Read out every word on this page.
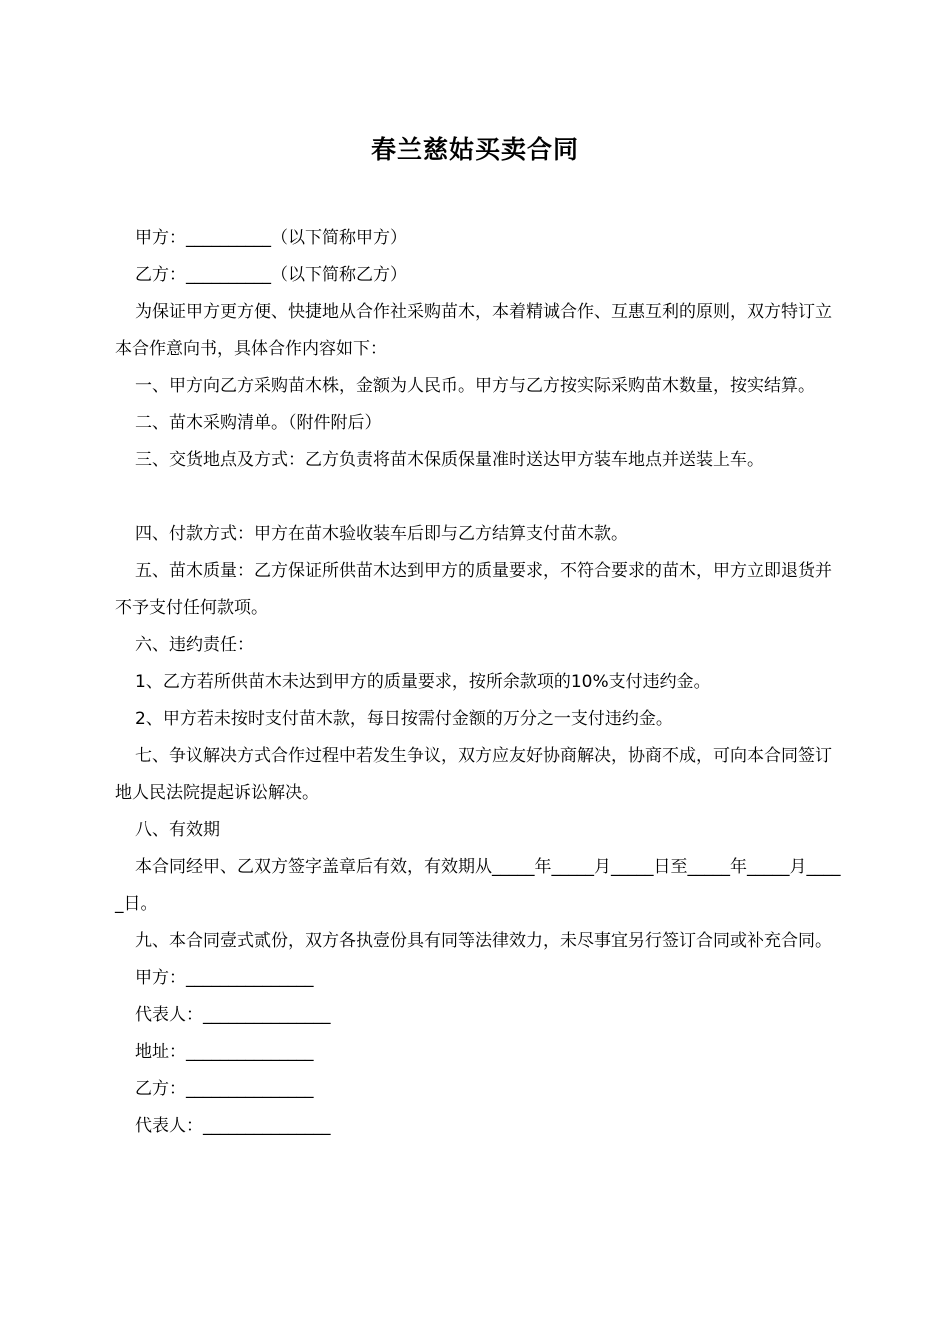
春兰慈姑买卖合同

甲方：__________（以下简称甲方）

乙方：__________（以下简称乙方）

为保证甲方更方便、快捷地从合作社采购苗木，本着精诚合作、互惠互利的原则，双方特订立本合作意向书，具体合作内容如下：

一、甲方向乙方采购苗木株，金额为人民币。甲方与乙方按实际采购苗木数量，按实结算。

二、苗木采购清单。（附件附后）

三、交货地点及方式：乙方负责将苗木保质保量准时送达甲方装车地点并送装上车。

四、付款方式：甲方在苗木验收装车后即与乙方结算支付苗木款。

五、苗木质量：乙方保证所供苗木达到甲方的质量要求，不符合要求的苗木，甲方立即退货并不予支付任何款项。

六、违约责任：

1、乙方若所供苗木未达到甲方的质量要求，按所余款项的10%支付违约金。

2、甲方若未按时支付苗木款，每日按需付金额的万分之一支付违约金。

七、争议解决方式合作过程中若发生争议，双方应友好协商解决，协商不成，可向本合同签订地人民法院提起诉讼解决。

八、有效期

本合同经甲、乙双方签字盖章后有效，有效期从_____年_____月_____日至_____年_____月_____日。

九、本合同壹式贰份，双方各执壹份具有同等法律效力，未尽事宜另行签订合同或补充合同。

甲方：_______________

代表人：_______________

地址：_______________

乙方：_______________

代表人：_______________
